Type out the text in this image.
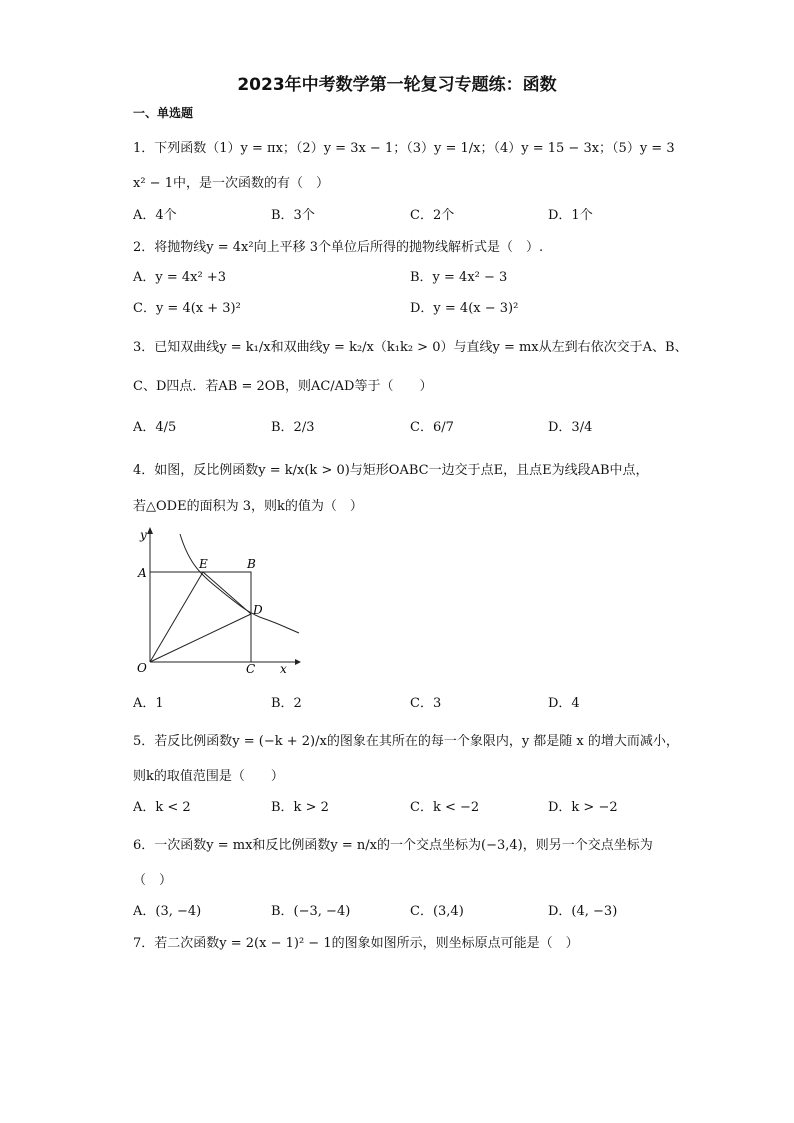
2023年中考数学第一轮复习专题练：函数
一、单选题
1．下列函数（1）y = πx；（2）y = 3x − 1；（3）y = 1/x；（4）y = 15 − 3x；（5）y = 3
x² − 1中，是一次函数的有（　）
A．4个	B．3个	C．2个	D．1个
2．将抛物线y = 4x²向上平移 3个单位后所得的抛物线解析式是（　）.
A．y = 4x² +3	B．y = 4x² − 3
C．y = 4(x + 3)²	D．y = 4(x − 3)²
3．已知双曲线y = k₁/x和双曲线y = k₂/x（k₁k₂ > 0）与直线y = mx从左到右依次交于A、B、
C、D四点．若AB = 2OB，则AC/AD等于（　　）
A．4/5	B．2/3	C．6/7	D．3/4
4．如图，反比例函数y = k/x(k > 0)与矩形OABC一边交于点E，且点E为线段AB中点，
若△ODE的面积为 3，则k的值为（　）
y
x
O
A
E	B
D
C
A．1	B．2	C．3	D．4
5．若反比例函数y = (−k + 2)/x的图象在其所在的每一个象限内，y 都是随 x 的增大而减小，
则k的取值范围是（　　）
A．k < 2	B．k > 2	C．k < −2	D．k > −2
6．一次函数y = mx和反比例函数y = n/x的一个交点坐标为(−3,4)，则另一个交点坐标为
（　）
A．(3, −4)	B．(−3, −4)	C．(3,4)	D．(4, −3)
7．若二次函数y = 2(x − 1)² − 1的图象如图所示，则坐标原点可能是（　）
